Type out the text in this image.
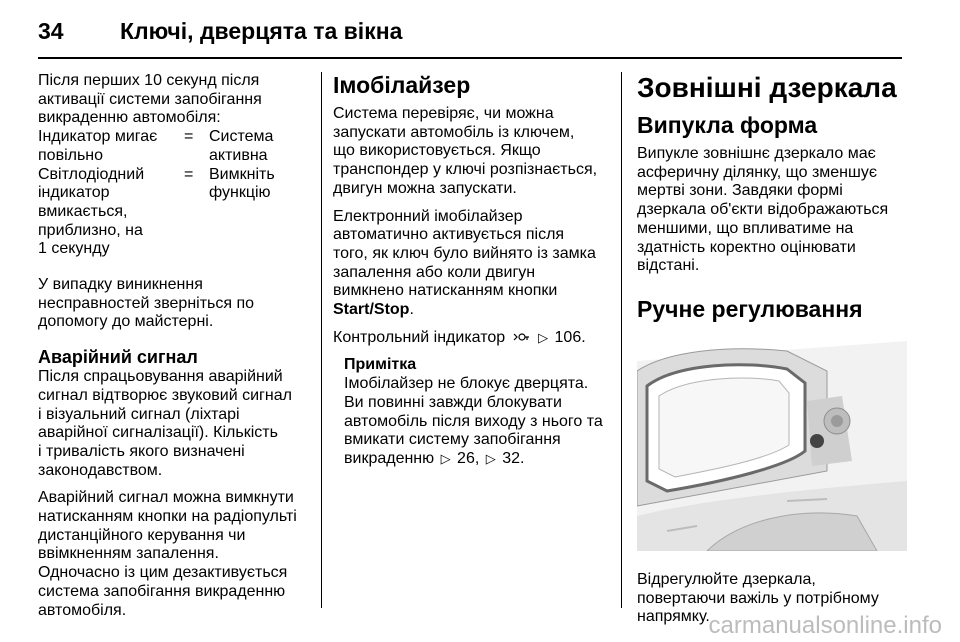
34 Ключі, дверцята та вікна
Після перших 10 секунд після
активації системи запобігання
викраденню автомобіля:
Індикатор мигає
повільно
= Система
активна
Світлодіодний
індикатор
вмикається,
приблизно, на
1 секунду
= Вимкніть
функцію
У випадку виникнення
несправностей зверніться по
допомогу до майстерні.
Аварійний сигнал
Після спрацьовування аварійний
сигнал відтворює звуковий сигнал
і візуальний сигнал (ліхтарі
аварійної сигналізації). Кількість
і тривалість якого визначені
законодавством.
Аварійний сигнал можна вимкнути
натисканням кнопки на радіопульті
дистанційного керування чи
ввімкненням запалення.
Одночасно із цим дезактивується
система запобігання викраденню
автомобіля.
Імобілайзер
Система перевіряє, чи можна
запускати автомобіль із ключем,
що використовується. Якщо
транспондер у ключі розпізнається,
двигун можна запускати.
Електронний імобілайзер
автоматично активується після
того, як ключ було вийнято із замка
запалення або коли двигун
вимкнено натисканням кнопки
Start/Stop.
Контрольний індикатор	▷ 106.
Примітка
Імобілайзер не блокує дверцята.
Ви повинні завжди блокувати
автомобіль після виходу з нього та
вмикати систему запобігання
викраденню ▷ 26, ▷ 32.
Зовнішні дзеркала
Випукла форма
Випукле зовнішнє дзеркало має
асферичну ділянку, що зменшує
мертві зони. Завдяки формі
дзеркала об'єкти відображаються
меншими, що впливатиме на
здатність коректно оцінювати
відстані.
Ручне регулювання
Відрегулюйте дзеркала,
повертаючи важіль у потрібному
напрямку.
carmanualsonline.info
